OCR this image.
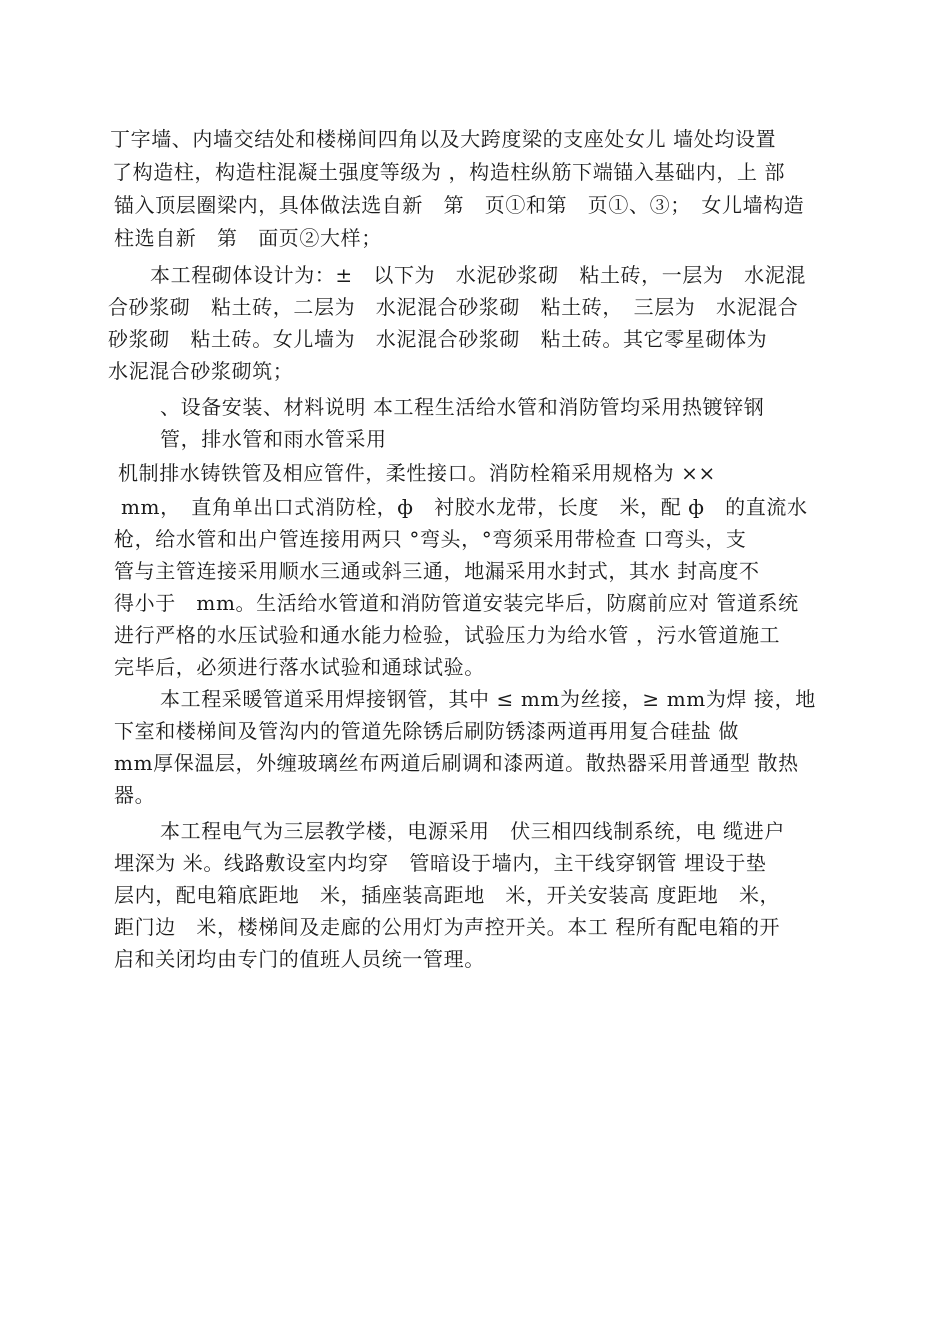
丁字墙、内墙交结处和楼梯间四角以及大跨度梁的支座处女儿 墙处均设置
了构造柱，构造柱混凝土强度等级为 ，构造柱纵筋下端锚入基础内，上 部
锚入顶层圈梁内，具体做法选自新　第　页①和第　页①、③；　女儿墙构造
柱选自新　第　面页②大样；
本工程砌体设计为：±　以下为　水泥砂浆砌　粘土砖，一层为　水泥混
合砂浆砌　粘土砖，二层为　水泥混合砂浆砌　粘土砖，　三层为　水泥混合
砂浆砌　粘土砖。女儿墙为　水泥混合砂浆砌　粘土砖。其它零星砌体为
水泥混合砂浆砌筑；
、设备安装、材料说明 本工程生活给水管和消防管均采用热镀锌钢
管，排水管和雨水管采用
机制排水铸铁管及相应管件，柔性接口。消防栓箱采用规格为 ××
mm，　直角单出口式消防栓，ф　衬胶水龙带，长度　米，配 ф　的直流水
枪，给水管和出户管连接用两只 °弯头，°弯须采用带检查 口弯头，支
管与主管连接采用顺水三通或斜三通，地漏采用水封式，其水 封高度不
得小于　mm。生活给水管道和消防管道安装完毕后，防腐前应对 管道系统
进行严格的水压试验和通水能力检验，试验压力为给水管 ，污水管道施工
完毕后，必须进行落水试验和通球试验。
本工程采暖管道采用焊接钢管，其中 ≤ mm为丝接，≥ mm为焊 接，地
下室和楼梯间及管沟内的管道先除锈后刷防锈漆两道再用复合硅盐 做
mm厚保温层，外缠玻璃丝布两道后刷调和漆两道。散热器采用普通型 散热
器。
本工程电气为三层教学楼，电源采用　伏三相四线制系统，电 缆进户
埋深为 米。线路敷设室内均穿　管暗设于墙内，主干线穿钢管 埋设于垫
层内，配电箱底距地　米，插座装高距地　米，开关安装高 度距地　米，
距门边　米，楼梯间及走廊的公用灯为声控开关。本工 程所有配电箱的开
启和关闭均由专门的值班人员统一管理。
